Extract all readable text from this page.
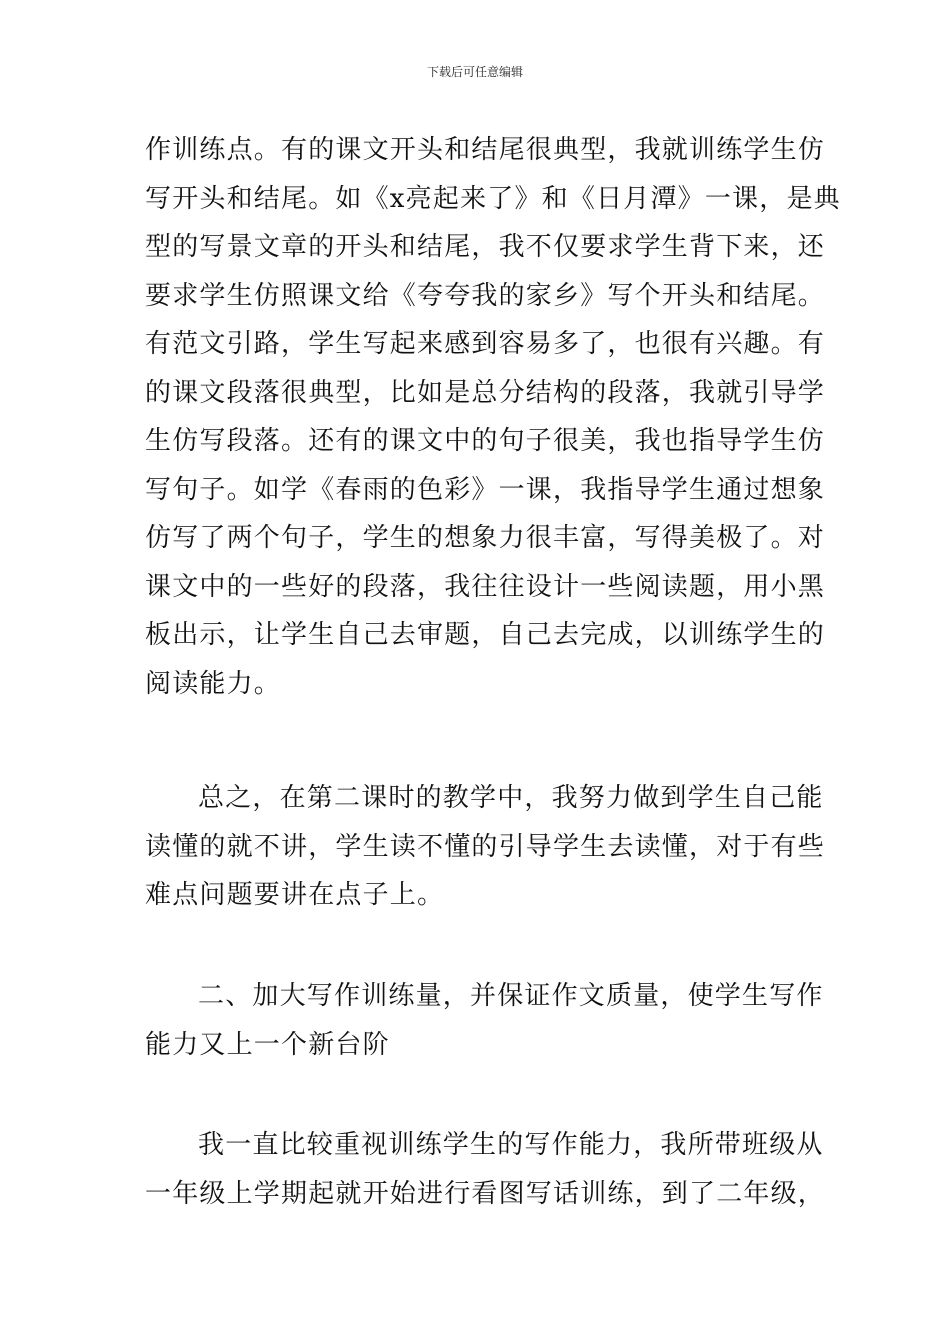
下载后可任意编辑
作训练点。有的课文开头和结尾很典型，我就训练学生仿
写开头和结尾。如《x亮起来了》和《日月潭》一课，是典
型的写景文章的开头和结尾，我不仅要求学生背下来，还
要求学生仿照课文给《夸夸我的家乡》写个开头和结尾。
有范文引路，学生写起来感到容易多了，也很有兴趣。有
的课文段落很典型，比如是总分结构的段落，我就引导学
生仿写段落。还有的课文中的句子很美，我也指导学生仿
写句子。如学《春雨的色彩》一课，我指导学生通过想象
仿写了两个句子，学生的想象力很丰富，写得美极了。对
课文中的一些好的段落，我往往设计一些阅读题，用小黑
板出示，让学生自己去审题，自己去完成，以训练学生的
阅读能力。
总之，在第二课时的教学中，我努力做到学生自己能
读懂的就不讲，学生读不懂的引导学生去读懂，对于有些
难点问题要讲在点子上。
二、加大写作训练量，并保证作文质量，使学生写作
能力又上一个新台阶
我一直比较重视训练学生的写作能力，我所带班级从
一年级上学期起就开始进行看图写话训练，到了二年级，
